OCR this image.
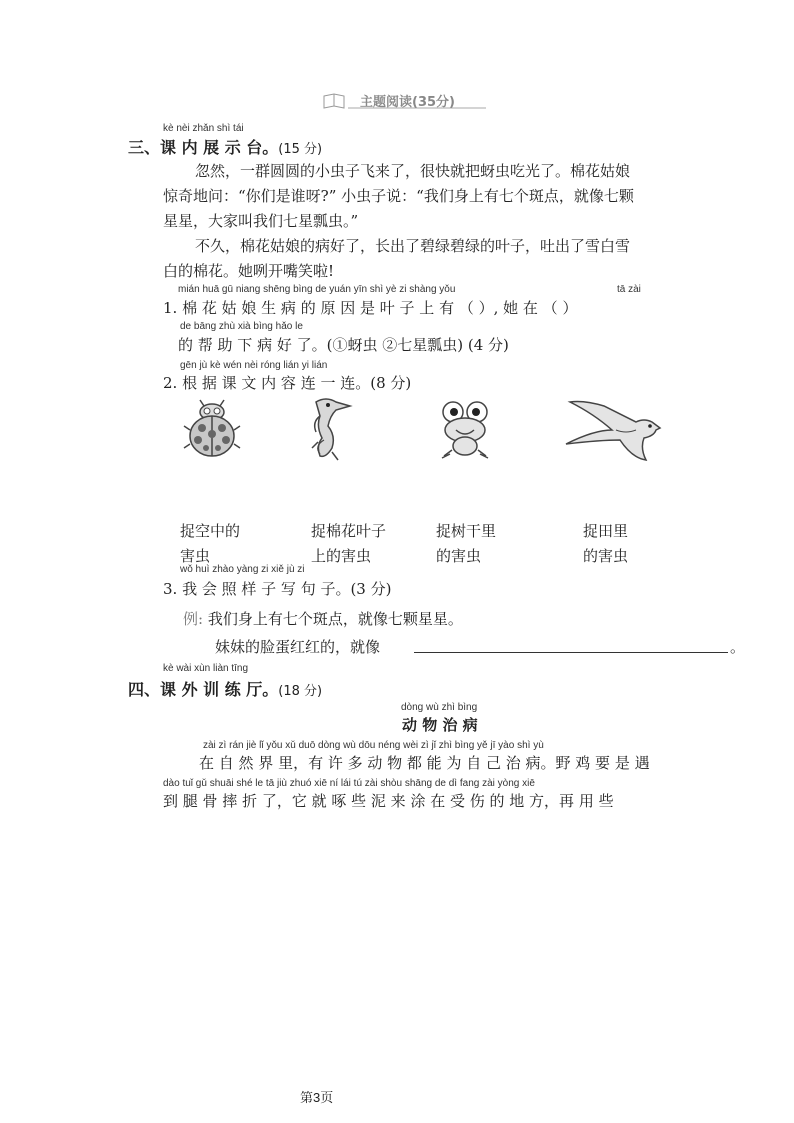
主题阅读(35分)
kè nèi zhǎn shì tái
三、课 内 展 示 台。(15 分)
忽然，一群圆圆的小虫子飞来了，很快就把蚜虫吃光了。棉花姑娘
惊奇地问：“你们是谁呀?” 小虫子说：“我们身上有七个斑点，就像七颗
星星，大家叫我们七星瓢虫。”
不久，棉花姑娘的病好了，长出了碧绿碧绿的叶子，吐出了雪白雪
白的棉花。她咧开嘴笑啦!
mián huā gū niang shēng bìng de yuán yīn shì yè zi shàng yǒu	tā zài
1. 棉 花 姑 娘 生 病 的 原 因 是 叶 子 上 有 （ ）, 她 在 （ ）
de bāng zhù xià bìng hǎo le
的 帮 助 下 病 好 了。(①蚜虫 ②七星瓢虫) (4 分)
gēn jù kè wén nèi róng lián yi lián
2. 根 据 课 文 内 容 连 一 连。(8 分)
捉空中的
害虫
捉棉花叶子
上的害虫
捉树干里
的害虫
捉田里
的害虫
wǒ huì zhào yàng zi xiě jù zi
3. 我 会 照 样 子 写 句 子。(3 分)
例: 我们身上有七个斑点，就像七颗星星。
妹妹的脸蛋红红的，就像	。
kè wài xùn liàn tīng
四、课 外 训 练 厅。(18 分)
dòng wù zhì bìng
动 物 治 病
zài zì rán jiè lǐ yǒu xǔ duō dòng wù dōu néng wèi zì jǐ zhì bìng yě jī yào shì yù
在 自 然 界 里，有 许 多 动 物 都 能 为 自 己 治 病。野 鸡 要 是 遇
dào tuǐ gǔ shuāi shé le tā jiù zhuó xiē ní lái tú zài shòu shāng de dì fang zài yòng xiē
到 腿 骨 摔 折 了，它 就 啄 些 泥 来 涂 在 受 伤 的 地 方，再 用 些
第3页
